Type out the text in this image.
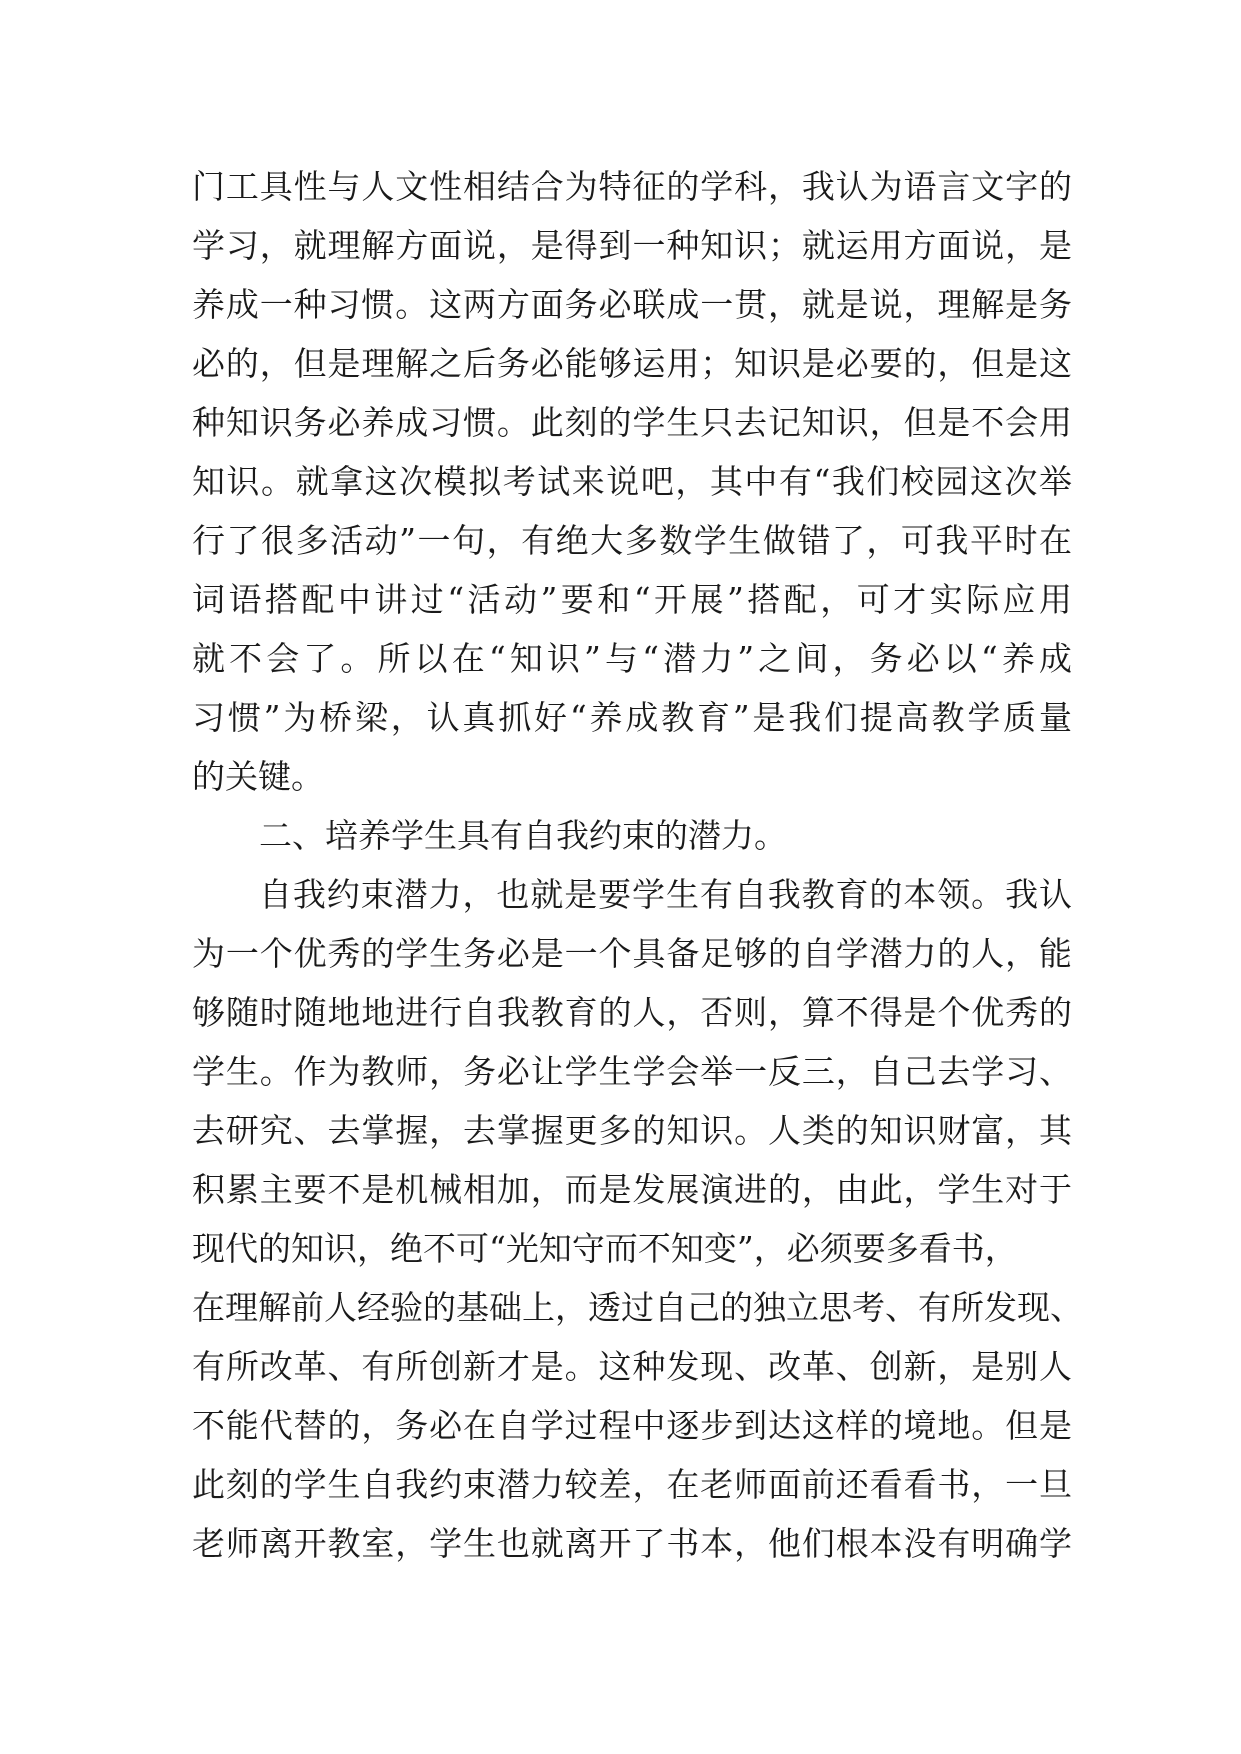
门工具性与人文性相结合为特征的学科，我认为语言文字的
学习，就理解方面说，是得到一种知识；就运用方面说，是
养成一种习惯。这两方面务必联成一贯，就是说，理解是务
必的，但是理解之后务必能够运用；知识是必要的，但是这
种知识务必养成习惯。此刻的学生只去记知识，但是不会用
知识。就拿这次模拟考试来说吧，其中有“我们校园这次举
行了很多活动”一句，有绝大多数学生做错了，可我平时在
词语搭配中讲过“活动”要和“开展”搭配，可才实际应用
就不会了。所以在“知识”与“潜力”之间，务必以“养成
习惯”为桥梁，认真抓好“养成教育”是我们提高教学质量
的关键。
二、培养学生具有自我约束的潜力。
自我约束潜力，也就是要学生有自我教育的本领。我认
为一个优秀的学生务必是一个具备足够的自学潜力的人，能
够随时随地地进行自我教育的人，否则，算不得是个优秀的
学生。作为教师，务必让学生学会举一反三，自己去学习、
去研究、去掌握，去掌握更多的知识。人类的知识财富，其
积累主要不是机械相加，而是发展演进的，由此，学生对于
现代的知识，绝不可“光知守而不知变”，必须要多看书，
在理解前人经验的基础上，透过自己的独立思考、有所发现、
有所改革、有所创新才是。这种发现、改革、创新，是别人
不能代替的，务必在自学过程中逐步到达这样的境地。但是
此刻的学生自我约束潜力较差，在老师面前还看看书，一旦
老师离开教室，学生也就离开了书本，他们根本没有明确学
